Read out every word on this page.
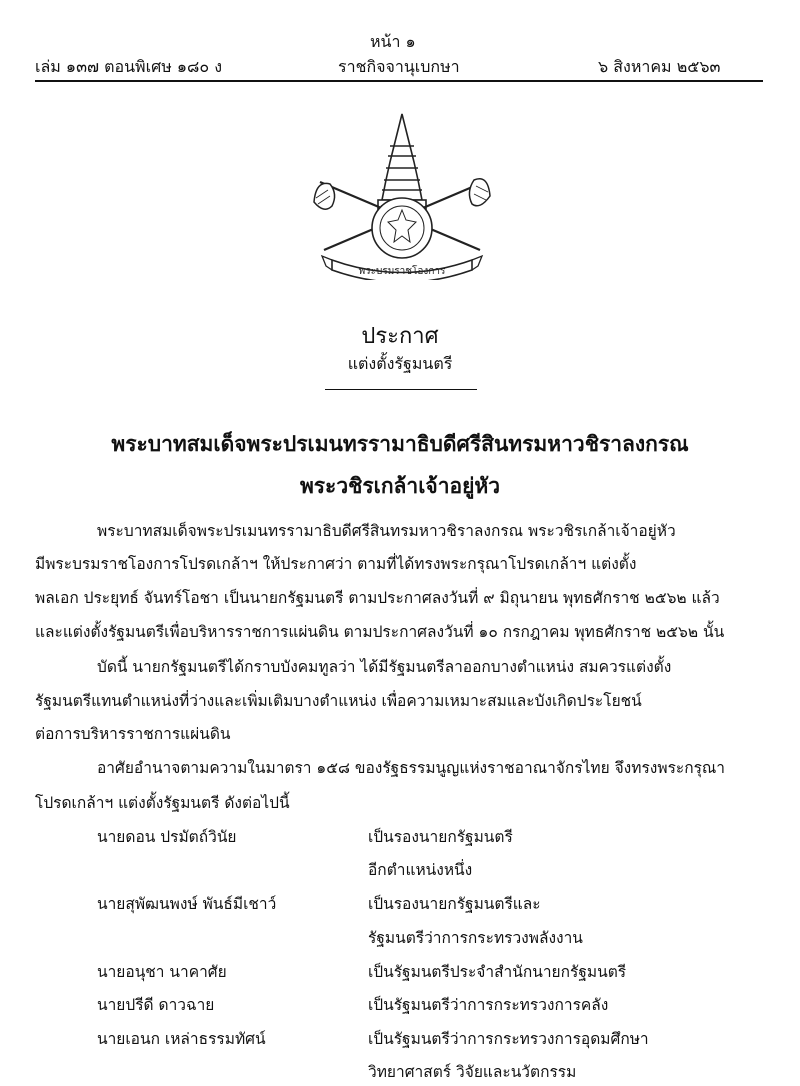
หน้า ๑
เล่ม ๑๓๗ ตอนพิเศษ ๑๘๐ ง	ราชกิจจานุเบกษา	๖ สิงหาคม ๒๕๖๓
พระบรมราชโองการ
ประกาศ
แต่งตั้งรัฐมนตรี
พระบาทสมเด็จพระปรเมนทรรามาธิบดีศรีสินทรมหาวชิราลงกรณ
พระวชิรเกล้าเจ้าอยู่หัว
พระบาทสมเด็จพระปรเมนทรรามาธิบดีศรีสินทรมหาวชิราลงกรณ พระวชิรเกล้าเจ้าอยู่หัว
มีพระบรมราชโองการโปรดเกล้าฯ ให้ประกาศว่า ตามที่ได้ทรงพระกรุณาโปรดเกล้าฯ แต่งตั้ง
พลเอก ประยุทธ์ จันทร์โอชา เป็นนายกรัฐมนตรี ตามประกาศลงวันที่ ๙ มิถุนายน พุทธศักราช ๒๕๖๒ แล้ว
และแต่งตั้งรัฐมนตรีเพื่อบริหารราชการแผ่นดิน ตามประกาศลงวันที่ ๑๐ กรกฎาคม พุทธศักราช ๒๕๖๒ นั้น
บัดนี้ นายกรัฐมนตรีได้กราบบังคมทูลว่า ได้มีรัฐมนตรีลาออกบางตำแหน่ง สมควรแต่งตั้ง
รัฐมนตรีแทนตำแหน่งที่ว่างและเพิ่มเติมบางตำแหน่ง เพื่อความเหมาะสมและบังเกิดประโยชน์
ต่อการบริหารราชการแผ่นดิน
อาศัยอำนาจตามความในมาตรา ๑๕๘ ของรัฐธรรมนูญแห่งราชอาณาจักรไทย จึงทรงพระกรุณา
โปรดเกล้าฯ แต่งตั้งรัฐมนตรี ดังต่อไปนี้
นายดอน ปรมัตถ์วินัย	เป็นรองนายกรัฐมนตรี
อีกตำแหน่งหนึ่ง
นายสุพัฒนพงษ์ พันธ์มีเชาว์	เป็นรองนายกรัฐมนตรีและ
รัฐมนตรีว่าการกระทรวงพลังงาน
นายอนุชา นาคาศัย	เป็นรัฐมนตรีประจำสำนักนายกรัฐมนตรี
นายปรีดี ดาวฉาย	เป็นรัฐมนตรีว่าการกระทรวงการคลัง
นายเอนก เหล่าธรรมทัศน์	เป็นรัฐมนตรีว่าการกระทรวงการอุดมศึกษา
วิทยาศาสตร์ วิจัยและนวัตกรรม
